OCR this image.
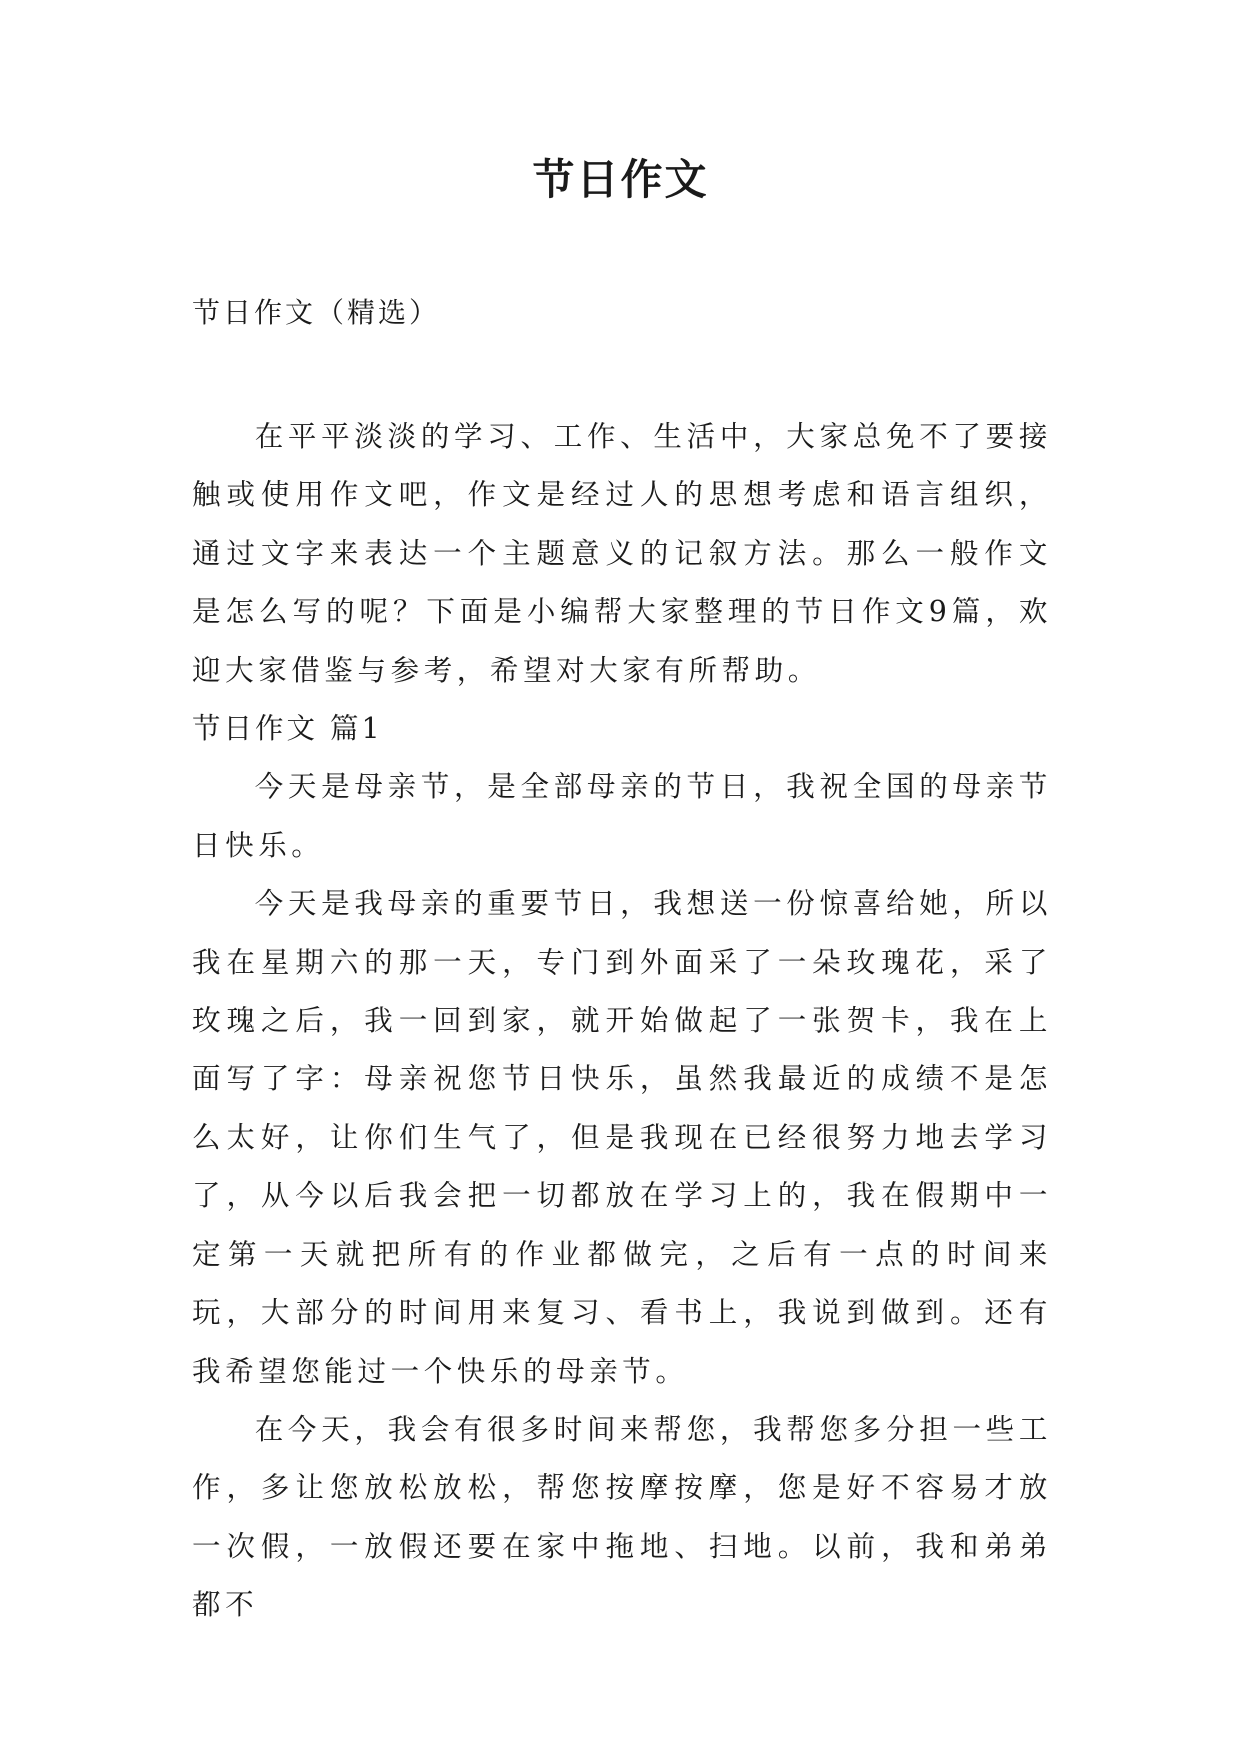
节日作文
节日作文（精选）

在平平淡淡的学习、工作、生活中，大家总免不了要接触或使用作文吧，作文是经过人的思想考虑和语言组织，通过文字来表达一个主题意义的记叙方法。那么一般作文是怎么写的呢？下面是小编帮大家整理的节日作文9篇，欢迎大家借鉴与参考，希望对大家有所帮助。

节日作文 篇1

今天是母亲节，是全部母亲的节日，我祝全国的母亲节日快乐。

今天是我母亲的重要节日，我想送一份惊喜给她，所以我在星期六的那一天，专门到外面采了一朵玫瑰花，采了玫瑰之后，我一回到家，就开始做起了一张贺卡，我在上面写了字：母亲祝您节日快乐，虽然我最近的成绩不是怎么太好，让你们生气了，但是我现在已经很努力地去学习了，从今以后我会把一切都放在学习上的，我在假期中一定第一天就把所有的作业都做完，之后有一点的时间来玩，大部分的时间用来复习、看书上，我说到做到。还有我希望您能过一个快乐的母亲节。

在今天，我会有很多时间来帮您，我帮您多分担一些工作，多让您放松放松，帮您按摩按摩，您是好不容易才放一次假，一放假还要在家中拖地、扫地。以前，我和弟弟都不
